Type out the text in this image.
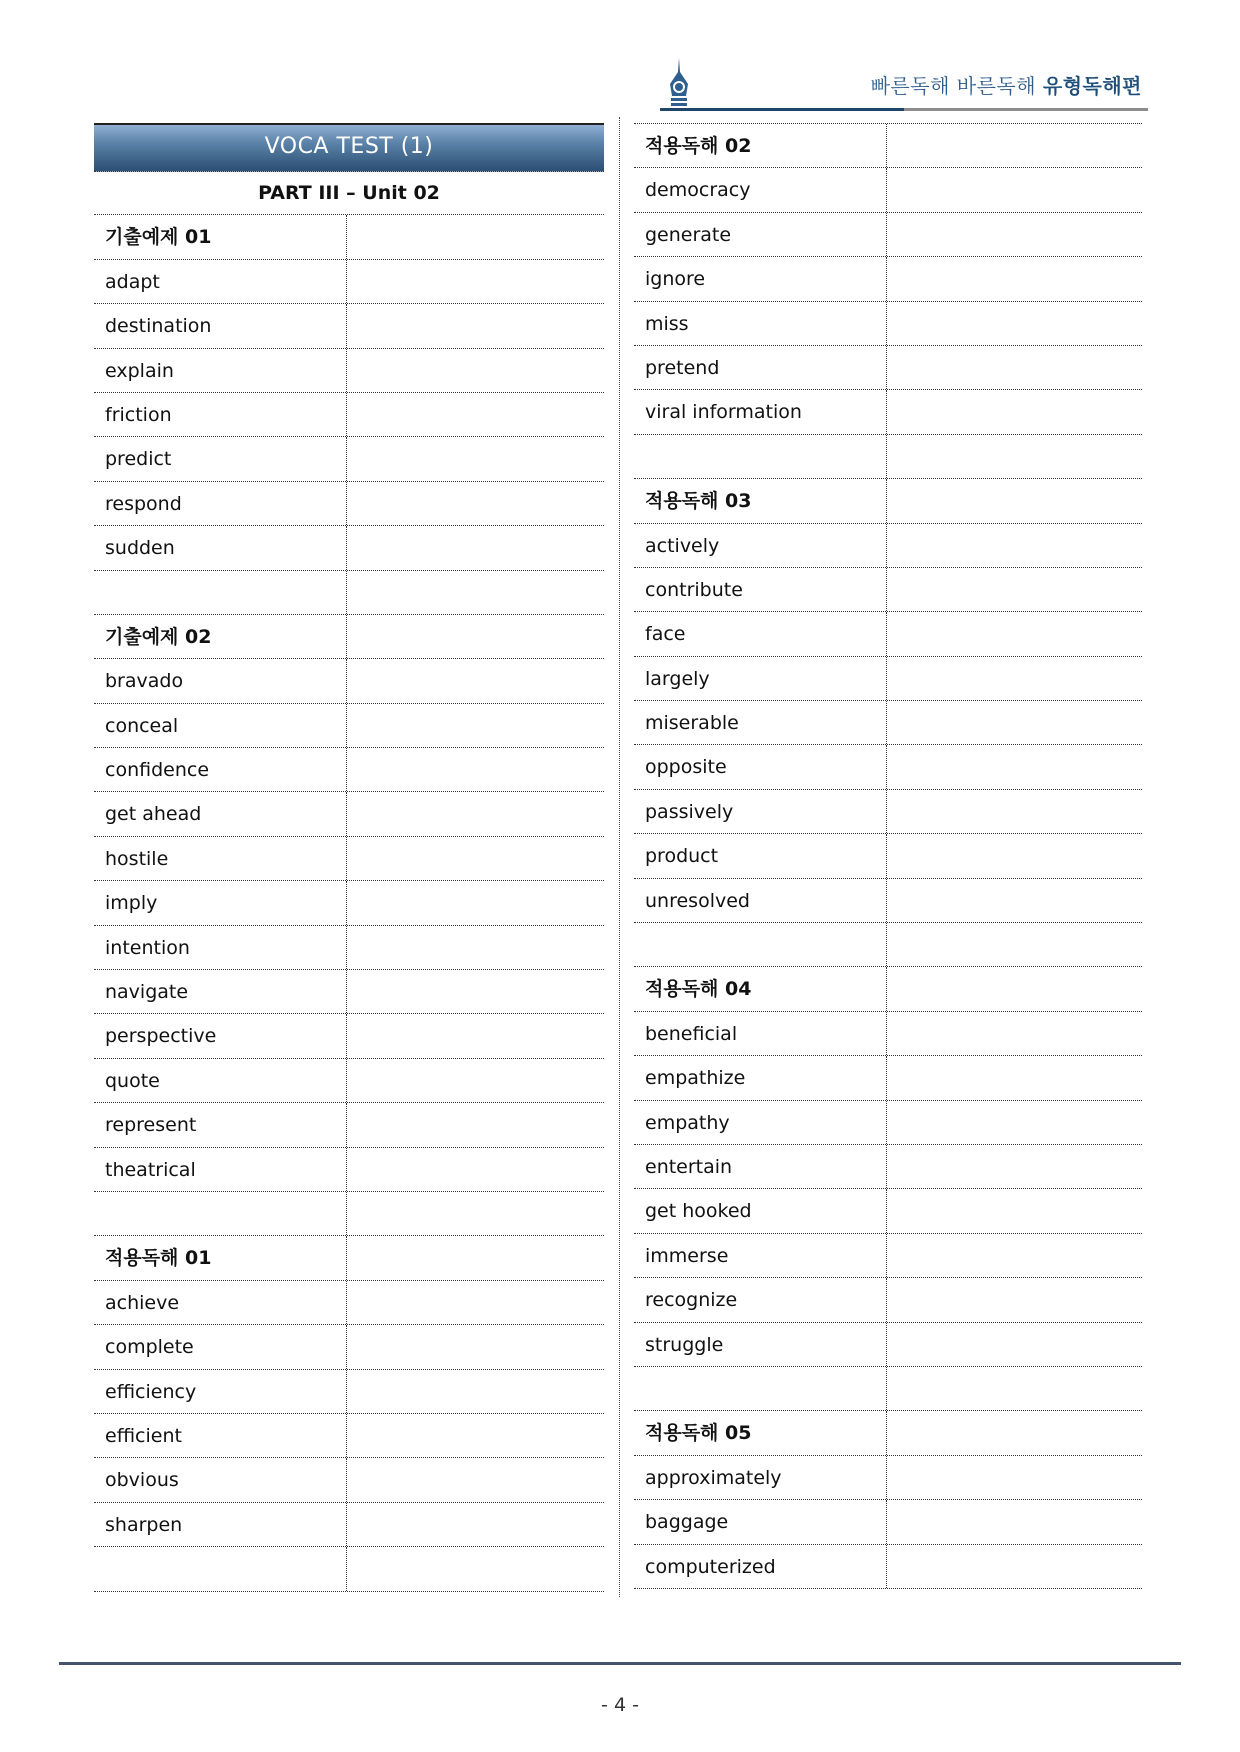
빠른독해 바른독해 유형독해편
VOCA TEST (1)
PART III – Unit 02
기출예제 01
adapt
destination
explain
friction
predict
respond
sudden
기출예제 02
bravado
conceal
confidence
get ahead
hostile
imply
intention
navigate
perspective
quote
represent
theatrical
적용독해 01
achieve
complete
efficiency
efficient
obvious
sharpen
적용독해 02
democracy
generate
ignore
miss
pretend
viral information
적용독해 03
actively
contribute
face
largely
miserable
opposite
passively
product
unresolved
적용독해 04
beneficial
empathize
empathy
entertain
get hooked
immerse
recognize
struggle
적용독해 05
approximately
baggage
computerized
- 4 -
